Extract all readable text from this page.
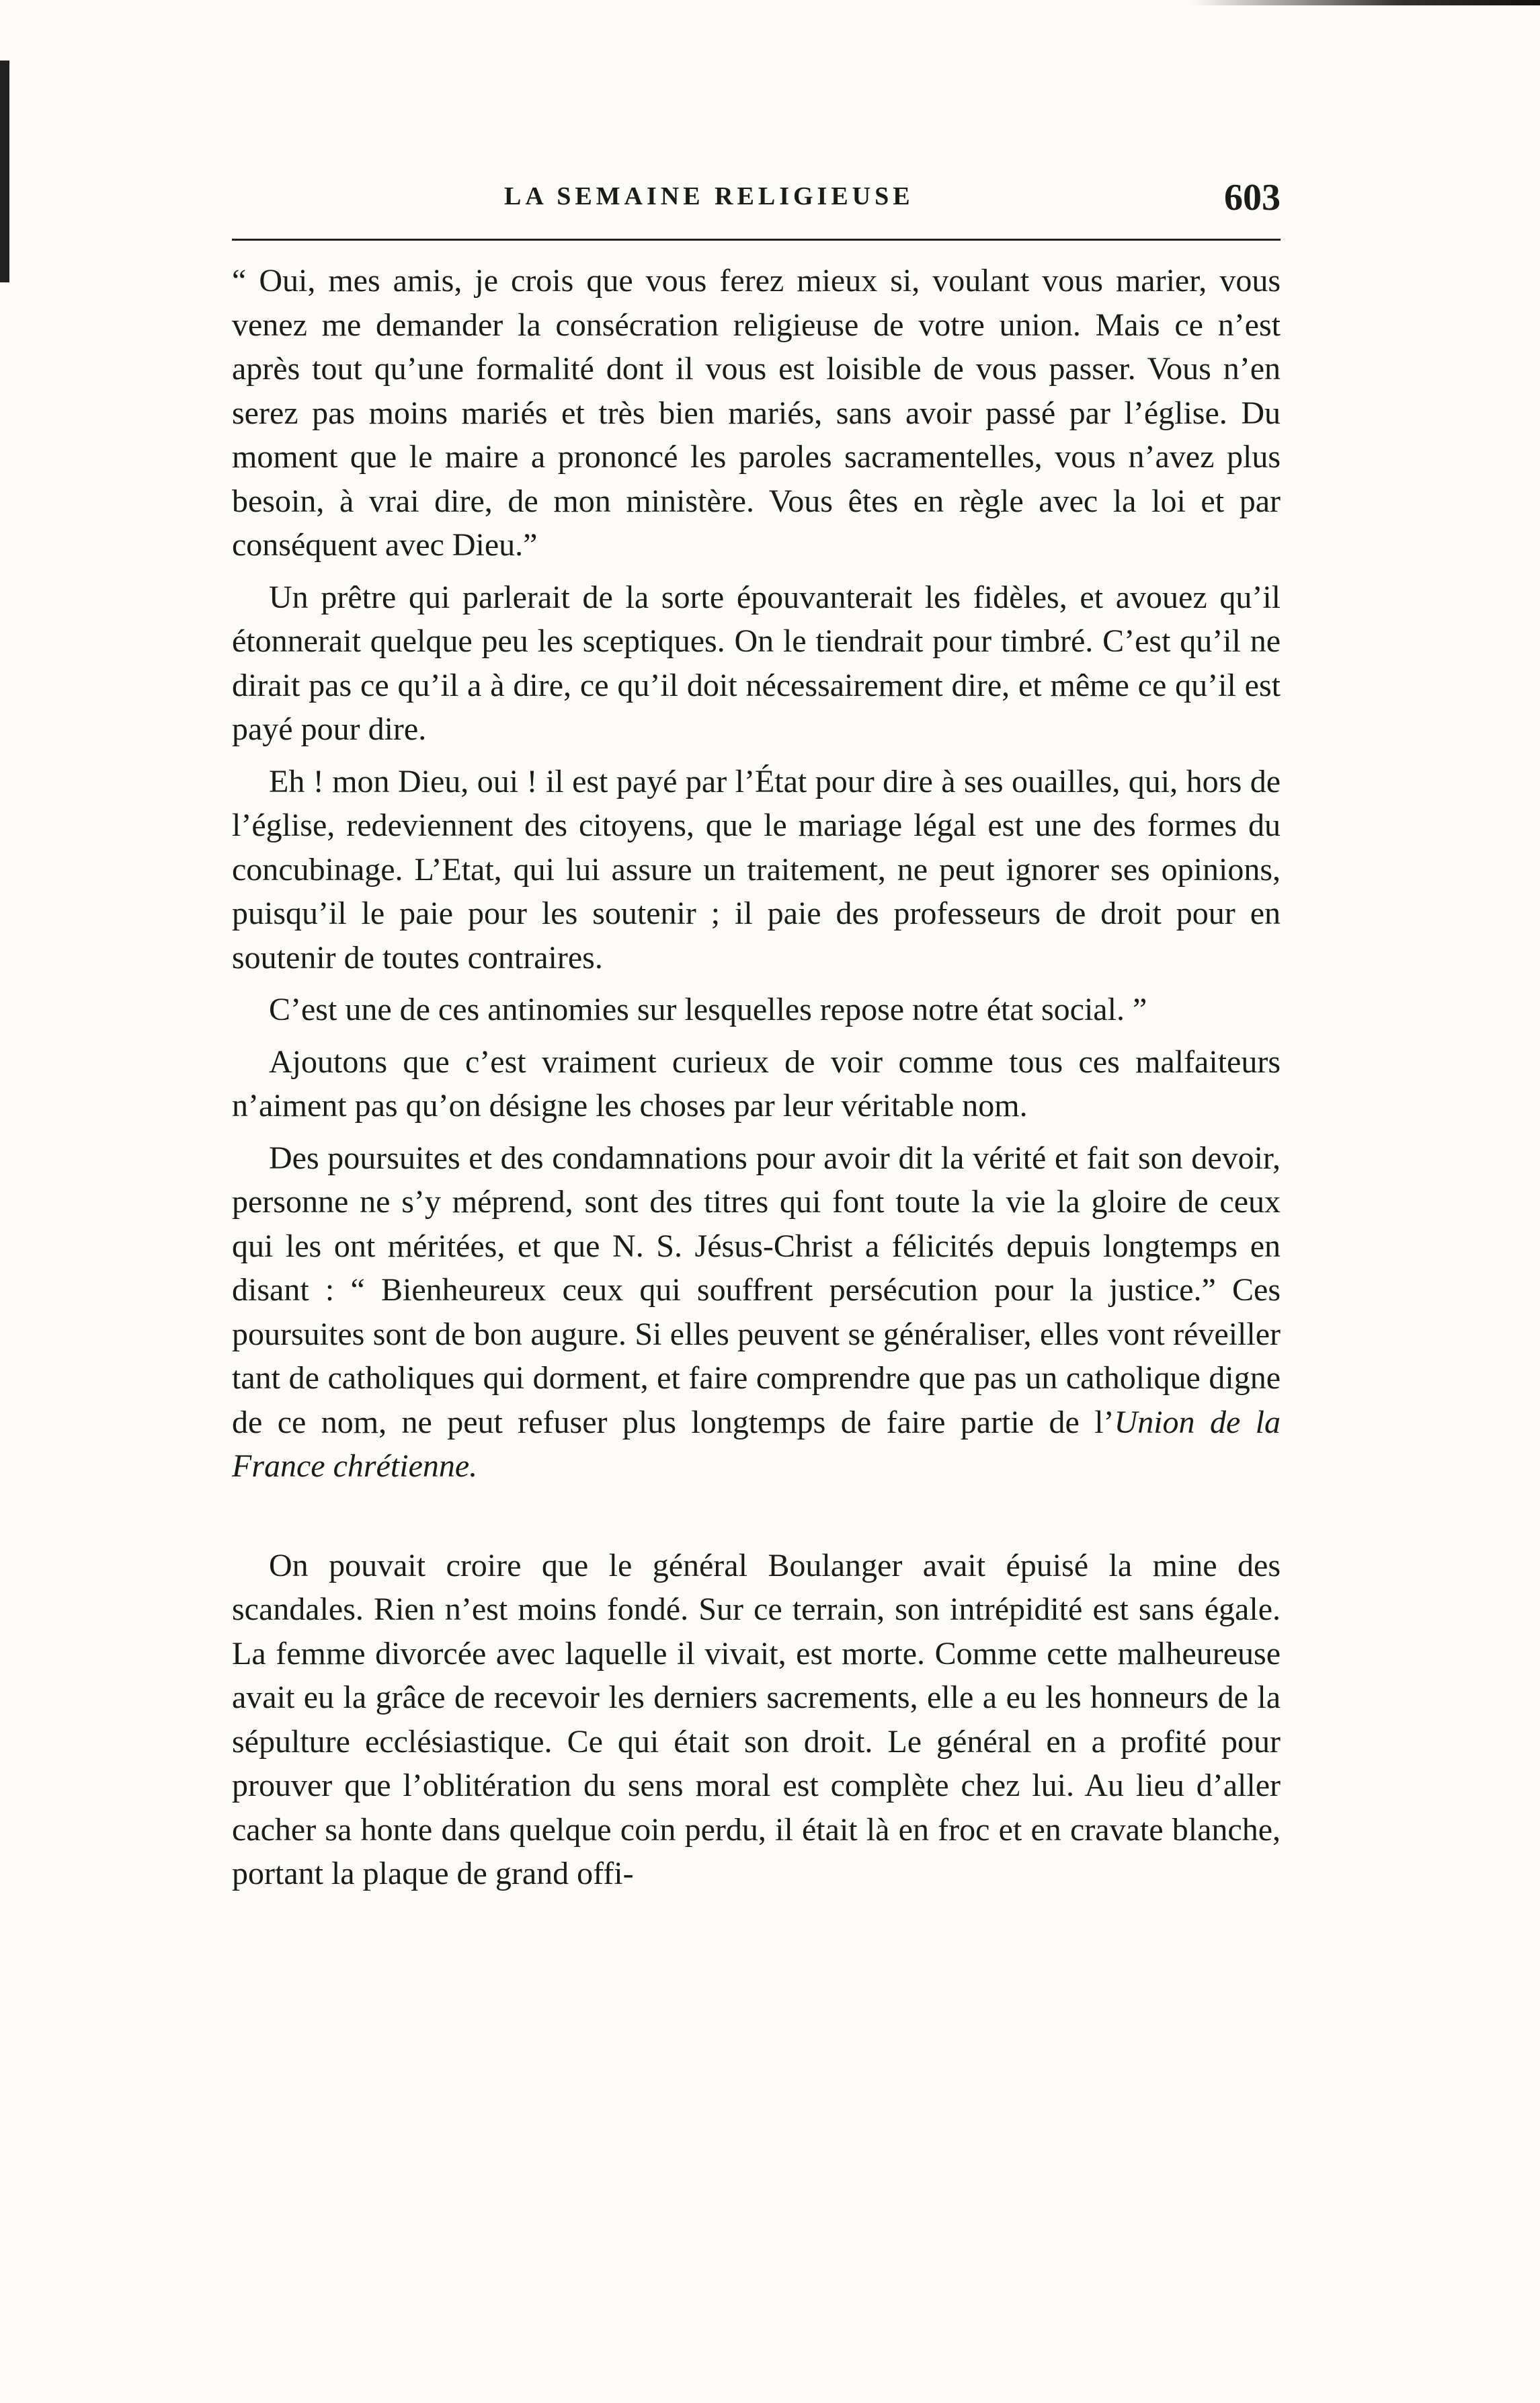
LA SEMAINE RELIGIEUSE	603

“ Oui, mes amis, je crois que vous ferez mieux si, voulant vous marier, vous venez me demander la consécration religieuse de votre union. Mais ce n’est après tout qu’une formalité dont il vous est loisible de vous passer. Vous n’en serez pas moins mariés et très bien mariés, sans avoir passé par l’église. Du moment que le maire a prononcé les paroles sacramentelles, vous n’avez plus besoin, à vrai dire, de mon ministère. Vous êtes en règle avec la loi et par conséquent avec Dieu.”

Un prêtre qui parlerait de la sorte épouvanterait les fidèles, et avouez qu’il étonnerait quelque peu les sceptiques. On le tiendrait pour timbré. C’est qu’il ne dirait pas ce qu’il a à dire, ce qu’il doit nécessairement dire, et même ce qu’il est payé pour dire.

Eh ! mon Dieu, oui ! il est payé par l’État pour dire à ses ouailles, qui, hors de l’église, redeviennent des citoyens, que le mariage légal est une des formes du concubinage. L’Etat, qui lui assure un traitement, ne peut ignorer ses opinions, puisqu’il le paie pour les soutenir ; il paie des professeurs de droit pour en soutenir de toutes contraires.

C’est une de ces antinomies sur lesquelles repose notre état social. ”

Ajoutons que c’est vraiment curieux de voir comme tous ces malfaiteurs n’aiment pas qu’on désigne les choses par leur véritable nom.

Des poursuites et des condamnations pour avoir dit la vérité et fait son devoir, personne ne s’y méprend, sont des titres qui font toute la vie la gloire de ceux qui les ont méritées, et que N. S. Jésus-Christ a félicités depuis longtemps en disant : “ Bienheureux ceux qui souffrent persécution pour la justice.” Ces poursuites sont de bon augure. Si elles peuvent se généraliser, elles vont réveiller tant de catholiques qui dorment, et faire comprendre que pas un catholique digne de ce nom, ne peut refuser plus longtemps de faire partie de l’Union de la France chrétienne.

On pouvait croire que le général Boulanger avait épuisé la mine des scandales. Rien n’est moins fondé. Sur ce terrain, son intrépidité est sans égale. La femme divorcée avec laquelle il vivait, est morte. Comme cette malheureuse avait eu la grâce de recevoir les derniers sacrements, elle a eu les honneurs de la sépulture ecclésiastique. Ce qui était son droit. Le général en a profité pour prouver que l’oblitération du sens moral est complète chez lui. Au lieu d’aller cacher sa honte dans quelque coin perdu, il était là en froc et en cravate blanche, portant la plaque de grand offi-
